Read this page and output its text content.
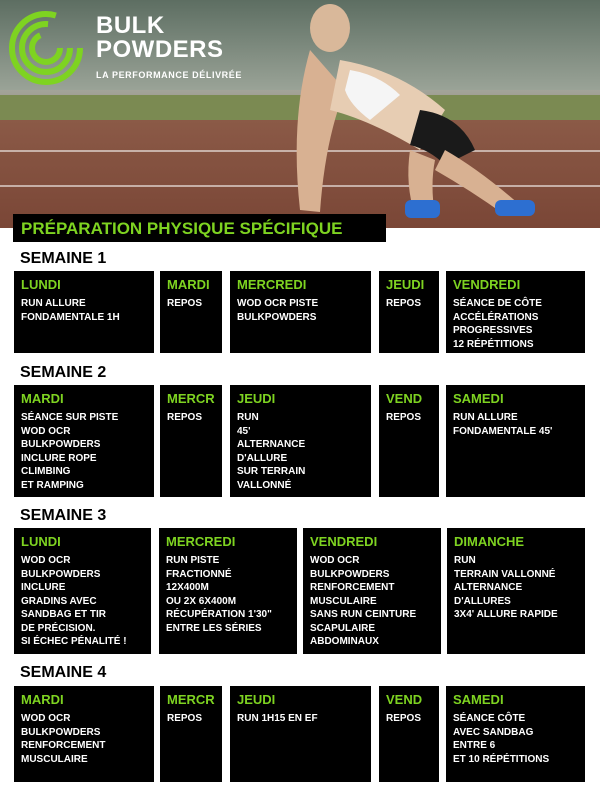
BULK
POWDERS
LA PERFORMANCE DÉLIVRÉE
PRÉPARATION PHYSIQUE SPÉCIFIQUE
SEMAINE 1
LUNDI
RUN ALLURE
FONDAMENTALE 1H
MARDI
REPOS
MERCREDI
WOD OCR PISTE
BULKPOWDERS
JEUDI
REPOS
VENDREDI
SÉANCE DE CÔTE
ACCÉLÉRATIONS
PROGRESSIVES
12 RÉPÉTITIONS
SEMAINE 2
MARDI
SÉANCE SUR PISTE
WOD OCR
BULKPOWDERS
INCLURE ROPE
CLIMBING
ET RAMPING
MERCR
REPOS
JEUDI
RUN
45'
ALTERNANCE
D'ALLURE
SUR TERRAIN
VALLONNÉ
VEND
REPOS
SAMEDI
RUN ALLURE
FONDAMENTALE 45'
SEMAINE 3
LUNDI
WOD OCR
BULKPOWDERS
INCLURE
GRADINS AVEC
SANDBAG ET TIR
DE PRÉCISION.
SI ÉCHEC PÉNALITÉ !
MERCREDI
RUN PISTE
FRACTIONNÉ
12X400M
OU 2X 6X400M
RÉCUPÉRATION 1'30"
ENTRE LES SÉRIES
VENDREDI
WOD OCR
BULKPOWDERS
RENFORCEMENT
MUSCULAIRE
SANS RUN CEINTURE
SCAPULAIRE
ABDOMINAUX
DIMANCHE
RUN
TERRAIN VALLONNÉ
ALTERNANCE
D'ALLURES
3X4' ALLURE RAPIDE
SEMAINE 4
MARDI
WOD OCR
BULKPOWDERS
RENFORCEMENT
MUSCULAIRE
MERCR
REPOS
JEUDI
RUN 1H15 EN EF
VEND
REPOS
SAMEDI
SÉANCE CÔTE
AVEC SANDBAG
ENTRE 6
ET 10 RÉPÉTITIONS
